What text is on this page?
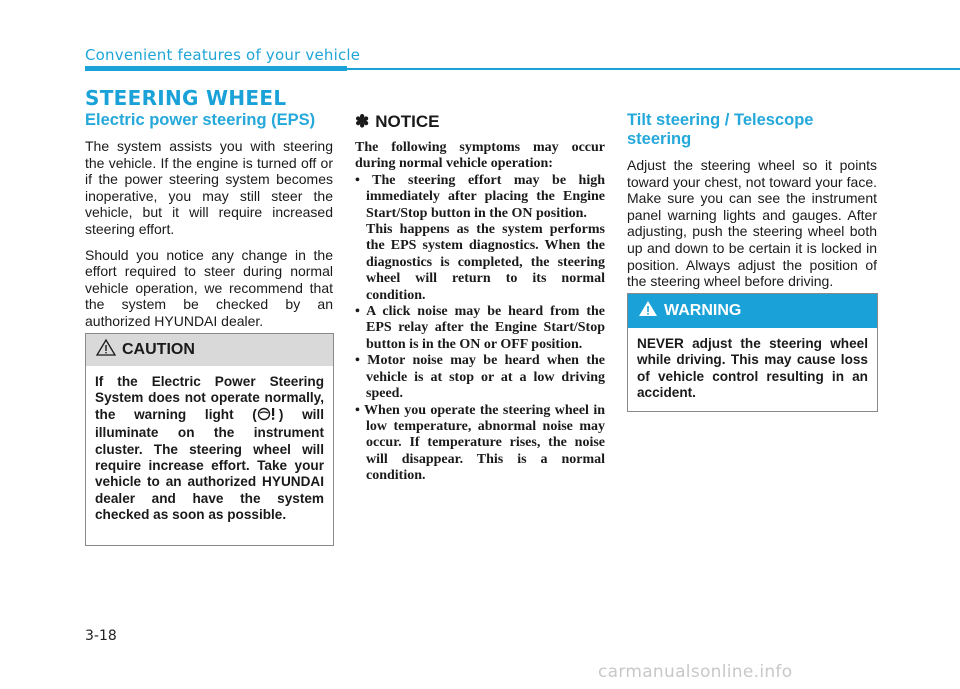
Convenient features of your vehicle
STEERING WHEEL
Electric power steering (EPS)

The system assists you with steering the vehicle. If the engine is turned off or if the power steering system becomes inoperative, you may still steer the vehicle, but it will require increased steering effort.

Should you notice any change in the effort required to steer during normal vehicle operation, we recommend that the system be checked by an authorized HYUNDAI dealer.

CAUTION
If the Electric Power Steering System does not operate normally, the warning light ( ) will illuminate on the instrument cluster. The steering wheel will require increase effort. Take your vehicle to an authorized HYUNDAI dealer and have the system checked as soon as possible.
✽ NOTICE
The following symptoms may occur during normal vehicle operation:
• The steering effort may be high immediately after placing the Engine Start/Stop button in the ON position.
This happens as the system performs the EPS system diagnostics. When the diagnostics is completed, the steering wheel will return to its normal condition.
• A click noise may be heard from the EPS relay after the Engine Start/Stop button is in the ON or OFF position.
• Motor noise may be heard when the vehicle is at stop or at a low driving speed.
• When you operate the steering wheel in low temperature, abnormal noise may occur. If temperature rises, the noise will disappear. This is a normal condition.
Tilt steering / Telescope steering

Adjust the steering wheel so it points toward your chest, not toward your face. Make sure you can see the instrument panel warning lights and gauges. After adjusting, push the steering wheel both up and down to be certain it is locked in position. Always adjust the position of the steering wheel before driving.

WARNING
NEVER adjust the steering wheel while driving. This may cause loss of vehicle control resulting in an accident.
3-18
carmanualsonline.info
